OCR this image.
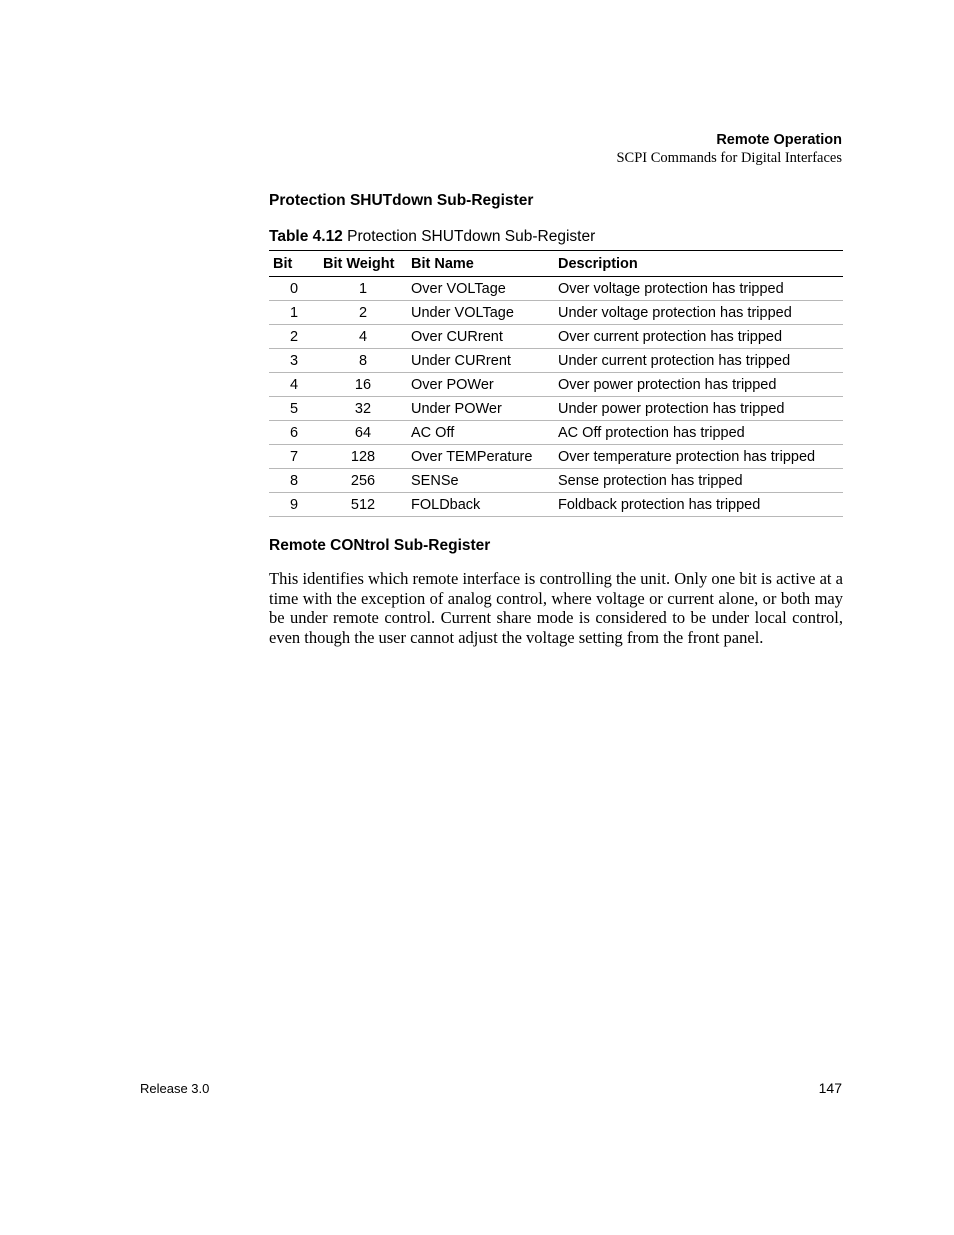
Remote Operation
SCPI Commands for Digital Interfaces
Protection SHUTdown Sub-Register
Table 4.12 Protection SHUTdown Sub-Register
Bit	Bit Weight	Bit Name	Description
0	1	Over VOLTage	Over voltage protection has tripped
1	2	Under VOLTage	Under voltage protection has tripped
2	4	Over CURrent	Over current protection has tripped
3	8	Under CURrent	Under current protection has tripped
4	16	Over POWer	Over power protection has tripped
5	32	Under POWer	Under power protection has tripped
6	64	AC Off	AC Off protection has tripped
7	128	Over TEMPerature	Over temperature protection has tripped
8	256	SENSe	Sense protection has tripped
9	512	FOLDback	Foldback protection has tripped
Remote CONtrol Sub-Register

This identifies which remote interface is controlling the unit. Only one bit is active at a time with the exception of analog control, where voltage or current alone, or both may be under remote control. Current share mode is considered to be under local control, even though the user cannot adjust the voltage setting from the front panel.

Release 3.0	147
